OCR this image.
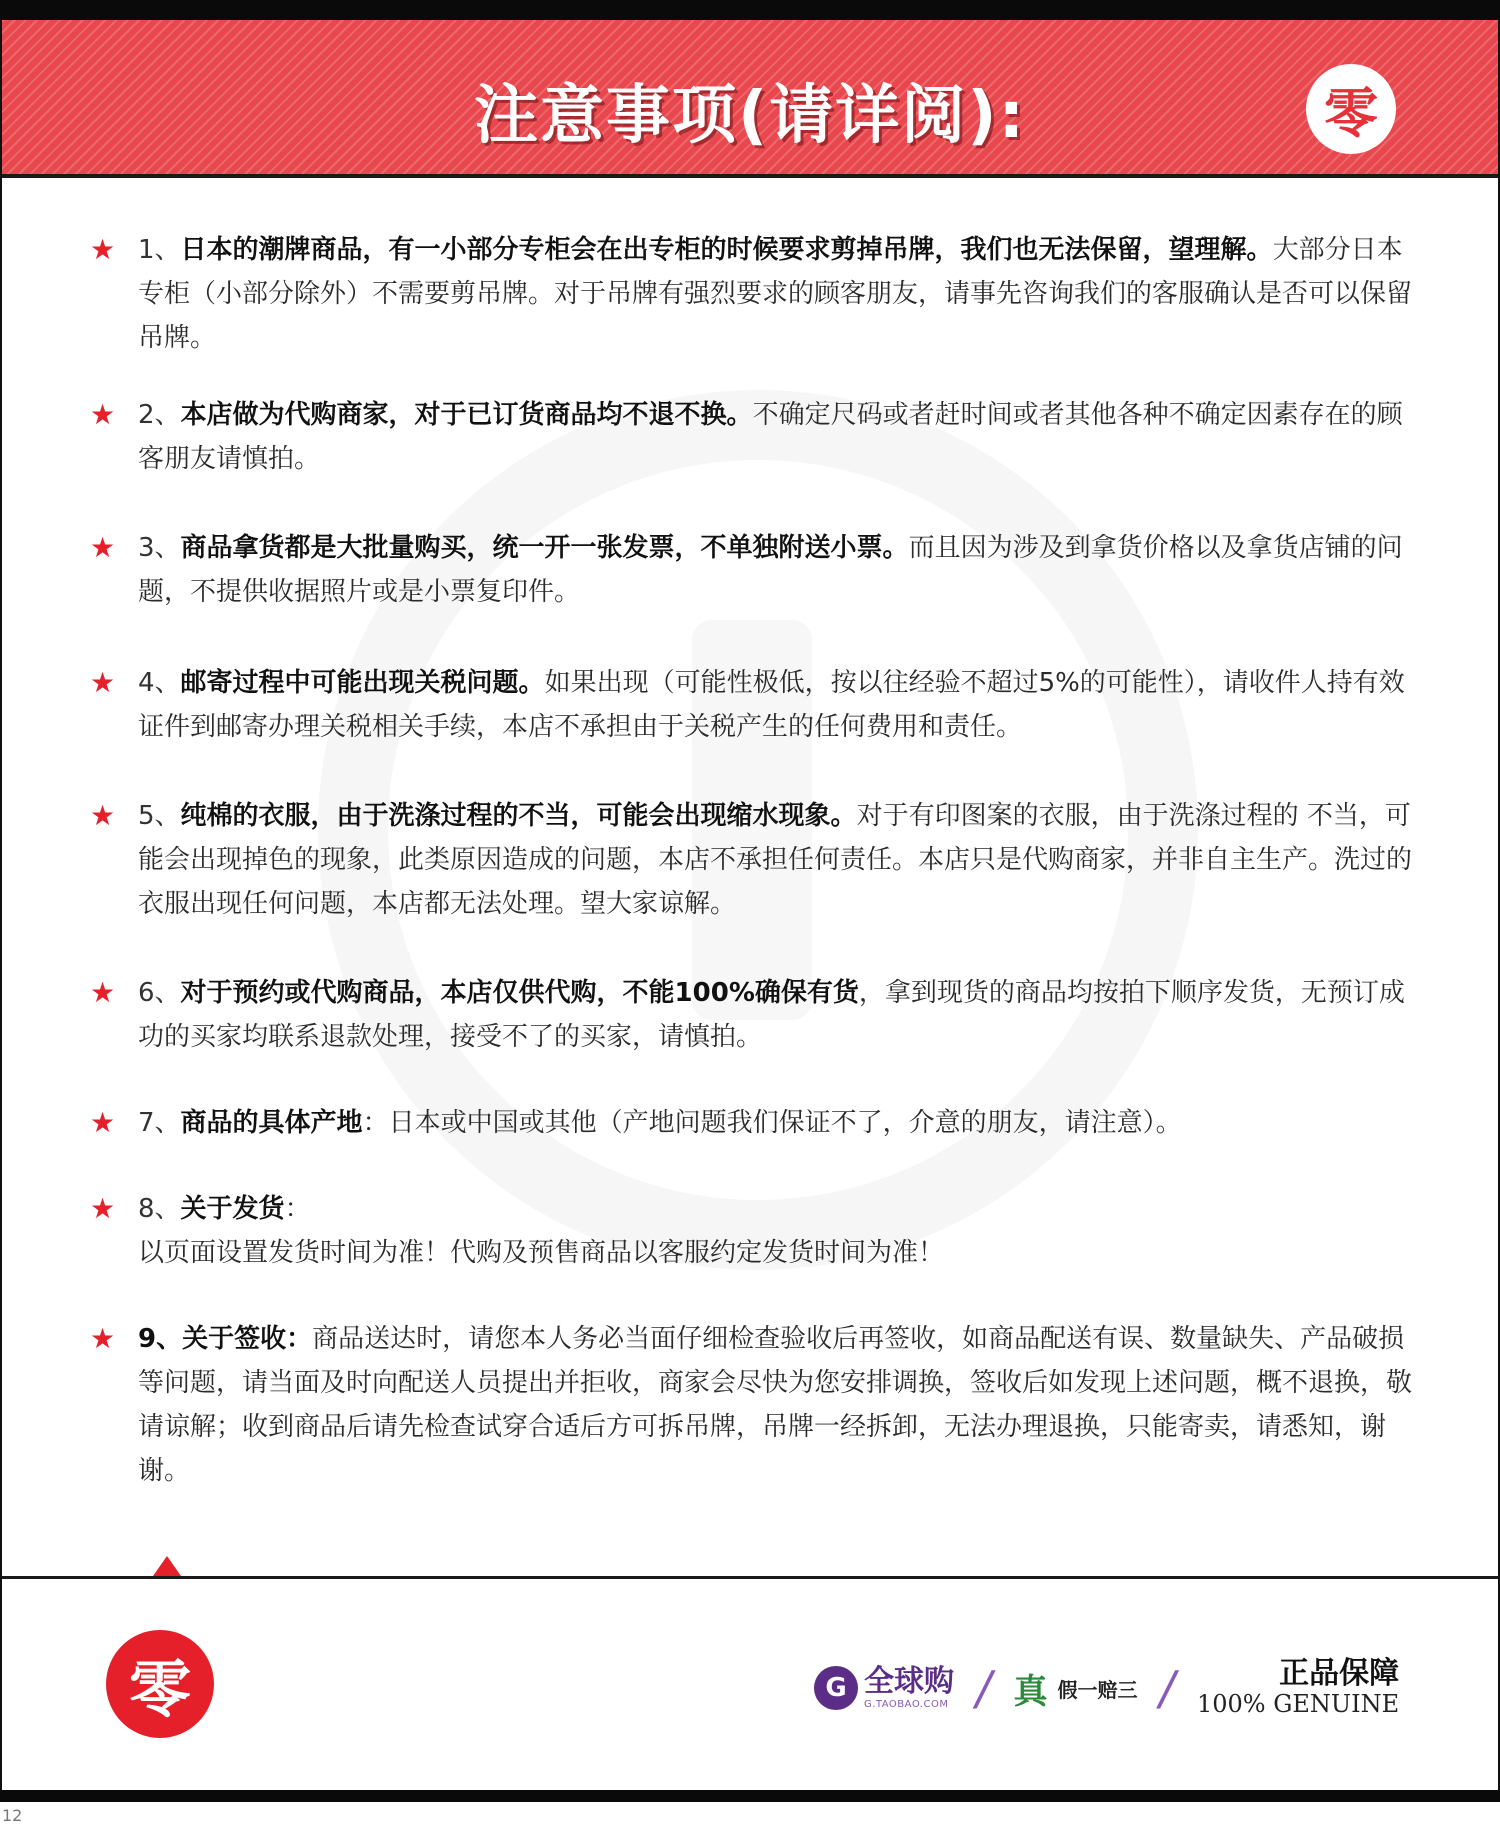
注意事项(请详阅):	零
★ 1、日本的潮牌商品，有一小部分专柜会在出专柜的时候要求剪掉吊牌，我们也无法保留，望理解。大部分日本专柜（小部分除外）不需要剪吊牌。对于吊牌有强烈要求的顾客朋友，请事先咨询我们的客服确认是否可以保留吊牌。
★ 2、本店做为代购商家，对于已订货商品均不退不换。不确定尺码或者赶时间或者其他各种不确定因素存在的顾客朋友请慎拍。
★ 3、商品拿货都是大批量购买，统一开一张发票，不单独附送小票。而且因为涉及到拿货价格以及拿货店铺的问题，不提供收据照片或是小票复印件。
★ 4、邮寄过程中可能出现关税问题。如果出现（可能性极低，按以往经验不超过5%的可能性），请收件人持有效证件到邮寄办理关税相关手续，本店不承担由于关税产生的任何费用和责任。
★ 5、纯棉的衣服，由于洗涤过程的不当，可能会出现缩水现象。对于有印图案的衣服，由于洗涤过程的 不当，可能会出现掉色的现象，此类原因造成的问题，本店不承担任何责任。本店只是代购商家，并非自主生产。洗过的衣服出现任何问题，本店都无法处理。望大家谅解。
★ 6、对于预约或代购商品，本店仅供代购，不能100%确保有货，拿到现货的商品均按拍下顺序发货，无预订成功的买家均联系退款处理，接受不了的买家，请慎拍。
★ 7、商品的具体产地：日本或中国或其他（产地问题我们保证不了，介意的朋友，请注意）。
★ 8、关于发货：
以页面设置发货时间为准！代购及预售商品以客服约定发货时间为准！
★ 9、关于签收：商品送达时，请您本人务必当面仔细检查验收后再签收，如商品配送有误、数量缺失、产品破损等问题，请当面及时向配送人员提出并拒收，商家会尽快为您安排调换，签收后如发现上述问题，概不退换，敬请谅解；收到商品后请先检查试穿合适后方可拆吊牌，吊牌一经拆卸，无法办理退换，只能寄卖，请悉知，谢谢。
零	G 全球购
G.TAOBAO.COM / 真 假一赔三 /	正品保障
100% GENUINE
12
